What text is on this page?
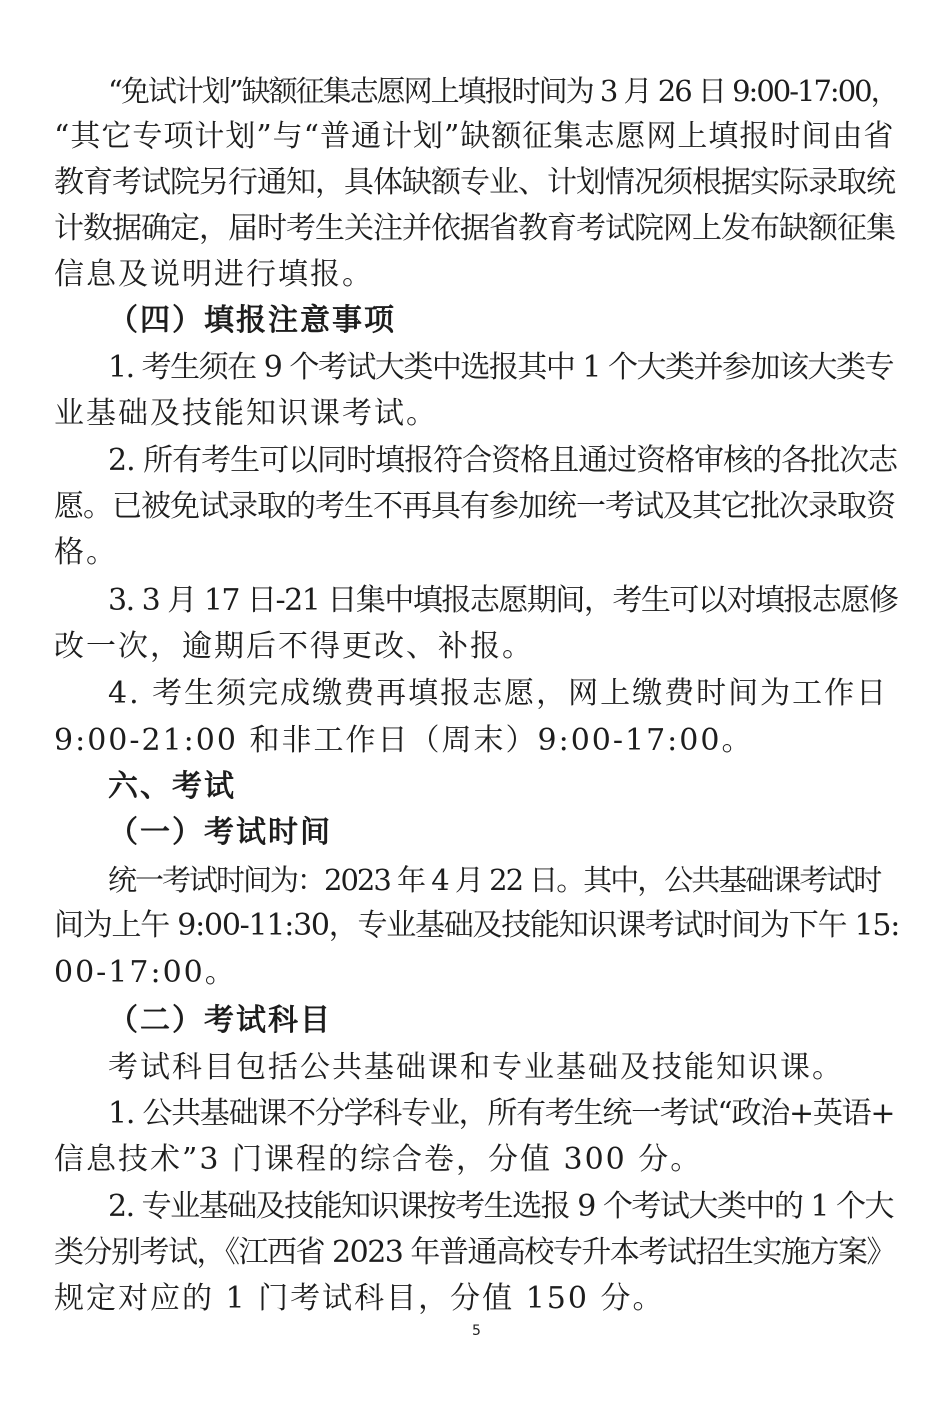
“免试计划”缺额征集志愿网上填报时间为 3 月 26 日 9:00-17:00，
“其它专项计划”与“普通计划”缺额征集志愿网上填报时间由省
教育考试院另行通知，具体缺额专业、计划情况须根据实际录取统
计数据确定，届时考生关注并依据省教育考试院网上发布缺额征集
信息及说明进行填报。
（四）填报注意事项
1. 考生须在 9 个考试大类中选报其中 1 个大类并参加该大类专
业基础及技能知识课考试。
2. 所有考生可以同时填报符合资格且通过资格审核的各批次志
愿。已被免试录取的考生不再具有参加统一考试及其它批次录取资
格。
3. 3 月 17 日-21 日集中填报志愿期间，考生可以对填报志愿修
改一次，逾期后不得更改、补报。
4. 考生须完成缴费再填报志愿，网上缴费时间为工作日
9:00-21:00 和非工作日（周末）9:00-17:00。
六、考试
（一）考试时间
统一考试时间为：2023 年 4 月 22 日。其中，公共基础课考试时
间为上午 9:00-11:30，专业基础及技能知识课考试时间为下午 15:
00-17:00。
（二）考试科目
考试科目包括公共基础课和专业基础及技能知识课。
1. 公共基础课不分学科专业，所有考生统一考试“政治+英语+
信息技术”3 门课程的综合卷，分值 300 分。
2. 专业基础及技能知识课按考生选报 9 个考试大类中的 1 个大
类分别考试，《江西省 2023 年普通高校专升本考试招生实施方案》
规定对应的 1 门考试科目，分值 150 分。
5
